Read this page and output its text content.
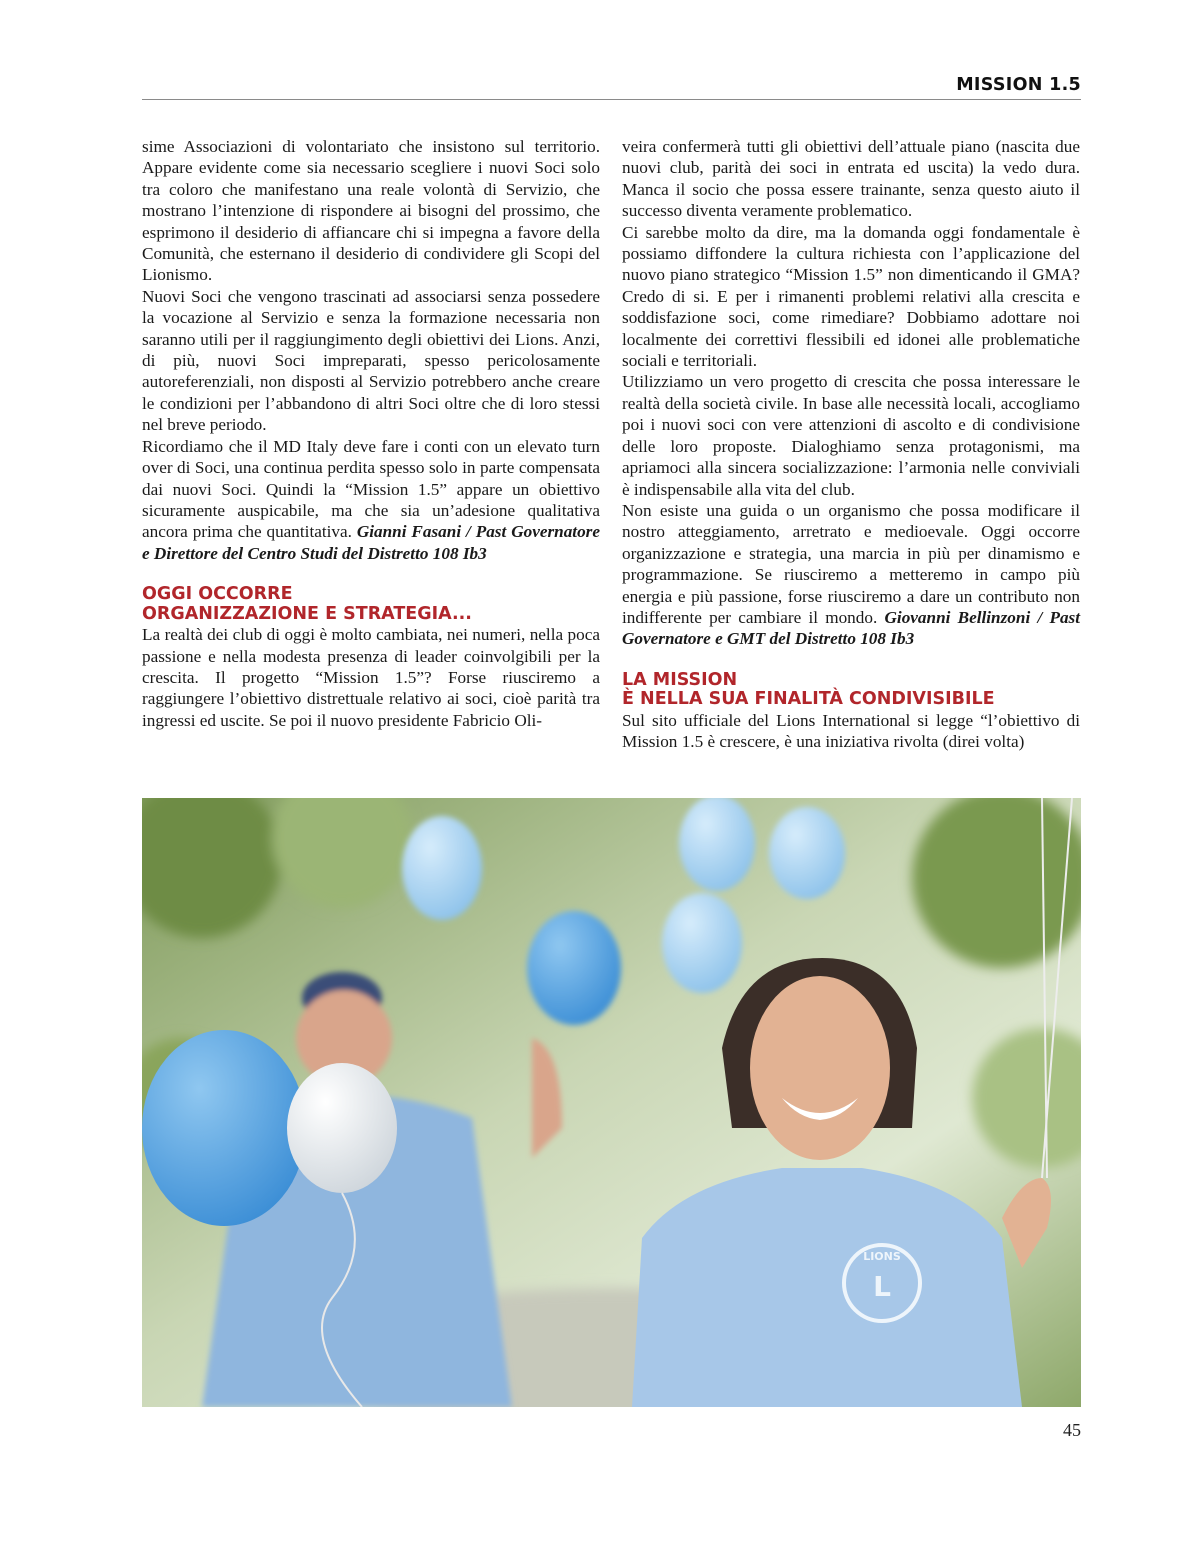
MISSION 1.5

sime Associazioni di volontariato che insistono sul territorio. Appare evidente come sia necessario scegliere i nuovi Soci solo tra coloro che manifestano una reale volontà di Servizio, che mostrano l’intenzione di rispondere ai bisogni del prossimo, che esprimono il desiderio di affiancare chi si impegna a favore della Comunità, che esternano il desiderio di condividere gli Scopi del Lionismo.

Nuovi Soci che vengono trascinati ad associarsi senza possedere la vocazione al Servizio e senza la formazione necessaria non saranno utili per il raggiungimento degli obiettivi dei Lions. Anzi, di più, nuovi Soci impreparati, spesso pericolosamente autoreferenziali, non disposti al Servizio potrebbero anche creare le condizioni per l’abbandono di altri Soci oltre che di loro stessi nel breve periodo.

Ricordiamo che il MD Italy deve fare i conti con un elevato turn over di Soci, una continua perdita spesso solo in parte compensata dai nuovi Soci. Quindi la “Mission 1.5” appare un obiettivo sicuramente auspicabile, ma che sia un’adesione qualitativa ancora prima che quantitativa. Gianni Fasani / Past Governatore e Direttore del Centro Studi del Distretto 108 Ib3

OGGI OCCORRE
ORGANIZZAZIONE E STRATEGIA...

La realtà dei club di oggi è molto cambiata, nei numeri, nella poca passione e nella modesta presenza di leader coinvolgibili per la crescita. Il progetto “Mission 1.5”? Forse riusciremo a raggiungere l’obiettivo distrettuale relativo ai soci, cioè parità tra ingressi ed uscite. Se poi il nuovo presidente Fabricio Oli-

veira confermerà tutti gli obiettivi dell’attuale piano (nascita due nuovi club, parità dei soci in entrata ed uscita) la vedo dura. Manca il socio che possa essere trainante, senza questo aiuto il successo diventa veramente problematico.

Ci sarebbe molto da dire, ma la domanda oggi fondamentale è possiamo diffondere la cultura richiesta con l’applicazione del nuovo piano strategico “Mission 1.5” non dimenticando il GMA? Credo di si. E per i rimanenti problemi relativi alla crescita e soddisfazione soci, come rimediare? Dobbiamo adottare noi localmente dei correttivi flessibili ed idonei alle problematiche sociali e territoriali.

Utilizziamo un vero progetto di crescita che possa interessare le realtà della società civile. In base alle necessità locali, accogliamo poi i nuovi soci con vere attenzioni di ascolto e di condivisione delle loro proposte. Dialoghiamo senza protagonismi, ma apriamoci alla sincera socializzazione: l’armonia nelle conviviali è indispensabile alla vita del club.

Non esiste una guida o un organismo che possa modificare il nostro atteggiamento, arretrato e medioevale. Oggi occorre organizzazione e strategia, una marcia in più per dinamismo e programmazione. Se riusciremo a metteremo in campo più energia e più passione, forse riusciremo a dare un contributo non indifferente per cambiare il mondo. Giovanni Bellinzoni / Past Governatore e GMT del Distretto 108 Ib3

LA MISSION
È NELLA SUA FINALITÀ CONDIVISIBILE

Sul sito ufficiale del Lions International si legge “l’obiettivo di Mission 1.5 è crescere, è una iniziativa rivolta (direi volta)

LIONS
L
45
